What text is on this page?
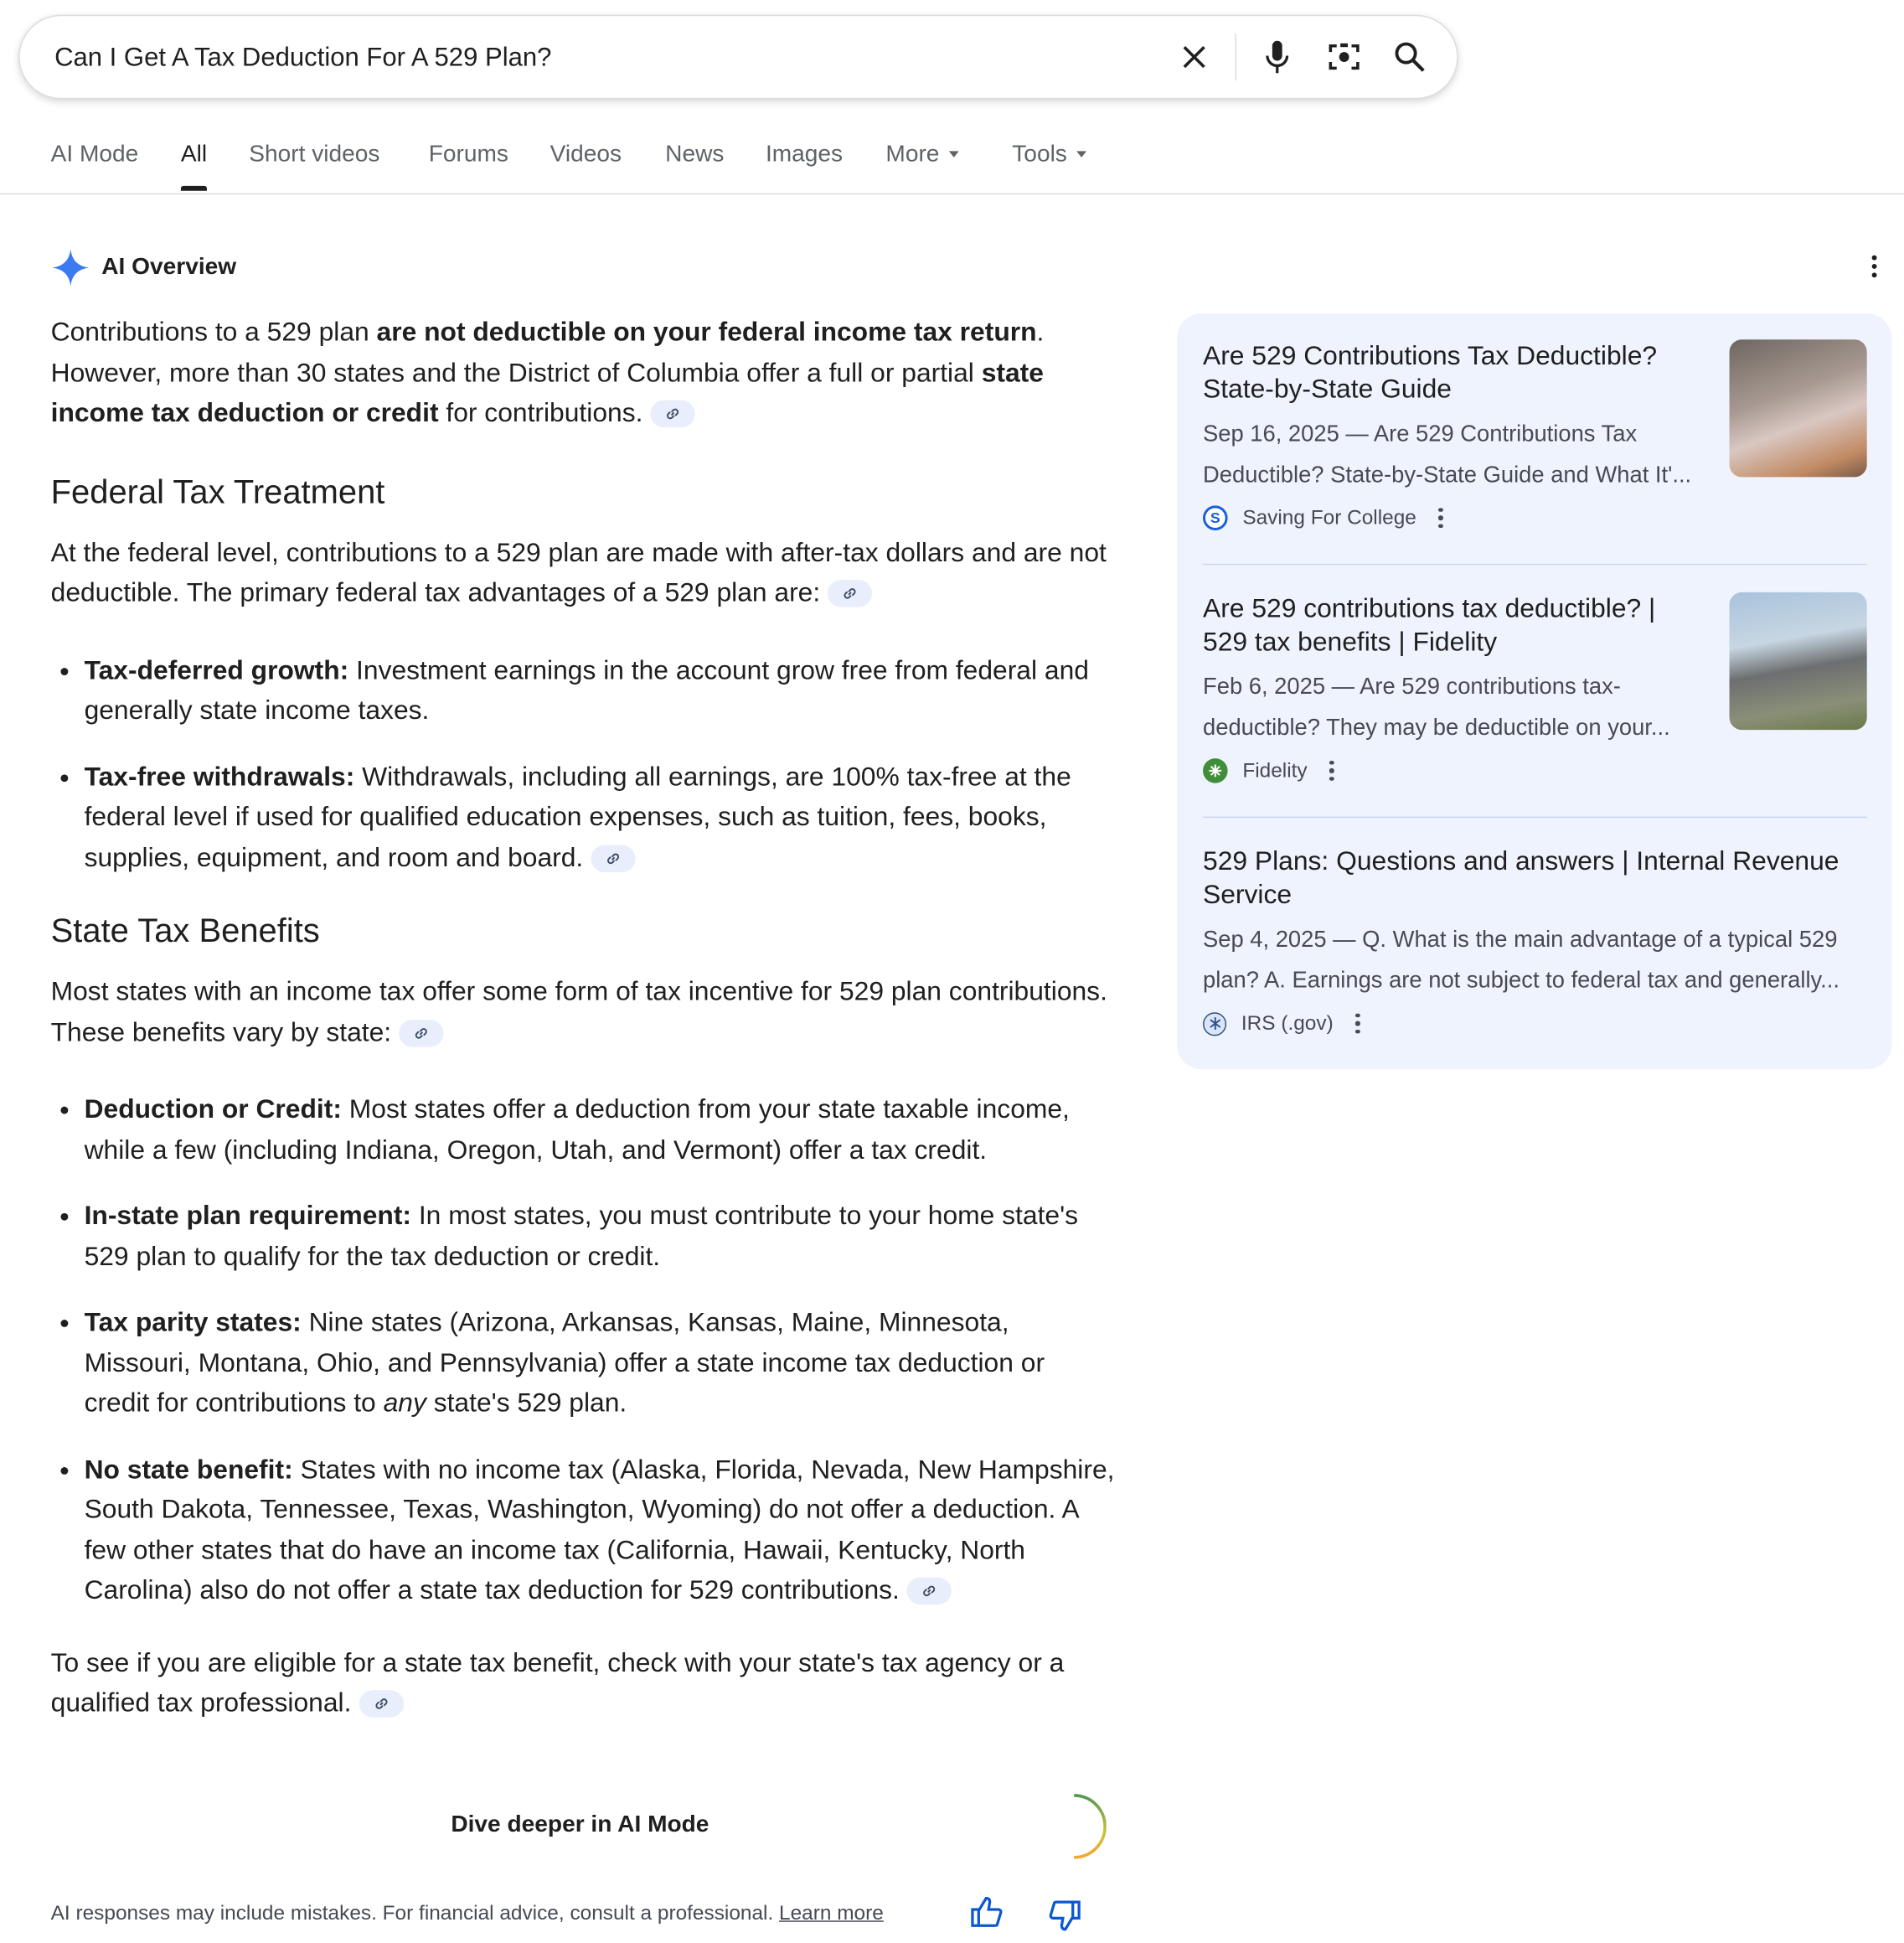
Can I Get A Tax Deduction For A 529 Plan?
AI Mode	All	Short videos	Forums	Videos	News	Images	More	Tools
AI Overview

Contributions to a 529 plan are not deductible on your federal income tax return. However, more than 30 states and the District of Columbia offer a full or partial state income tax deduction or credit for contributions.

Federal Tax Treatment

At the federal level, contributions to a 529 plan are made with after-tax dollars and are not deductible. The primary federal tax advantages of a 529 plan are:

• Tax-deferred growth: Investment earnings in the account grow free from federal and generally state income taxes.
• Tax-free withdrawals: Withdrawals, including all earnings, are 100% tax-free at the federal level if used for qualified education expenses, such as tuition, fees, books, supplies, equipment, and room and board.
State Tax Benefits

Most states with an income tax offer some form of tax incentive for 529 plan contributions. These benefits vary by state:

• Deduction or Credit: Most states offer a deduction from your state taxable income, while a few (including Indiana, Oregon, Utah, and Vermont) offer a tax credit.
• In-state plan requirement: In most states, you must contribute to your home state's 529 plan to qualify for the tax deduction or credit.
• Tax parity states: Nine states (Arizona, Arkansas, Kansas, Maine, Minnesota, Missouri, Montana, Ohio, and Pennsylvania) offer a state income tax deduction or credit for contributions to any state's 529 plan.
• No state benefit: States with no income tax (Alaska, Florida, Nevada, New Hampshire, South Dakota, Tennessee, Texas, Washington, Wyoming) do not offer a deduction. A few other states that do have an income tax (California, Hawaii, Kentucky, North Carolina) also do not offer a state tax deduction for 529 contributions.

To see if you are eligible for a state tax benefit, check with your state's tax agency or a qualified tax professional.

Dive deeper in AI Mode
AI responses may include mistakes. For financial advice, consult a professional. Learn more
Are 529 Contributions Tax Deductible? State-by-State Guide
Sep 16, 2025 — Are 529 Contributions Tax Deductible? State-by-State Guide and What It'...
S	Saving For College
Are 529 contributions tax deductible? | 529 tax benefits | Fidelity
Feb 6, 2025 — Are 529 contributions tax-deductible? They may be deductible on your...
Fidelity
529 Plans: Questions and answers | Internal Revenue Service
Sep 4, 2025 — Q. What is the main advantage of a typical 529 plan? A. Earnings are not subject to federal tax and generally...
IRS (.gov)
